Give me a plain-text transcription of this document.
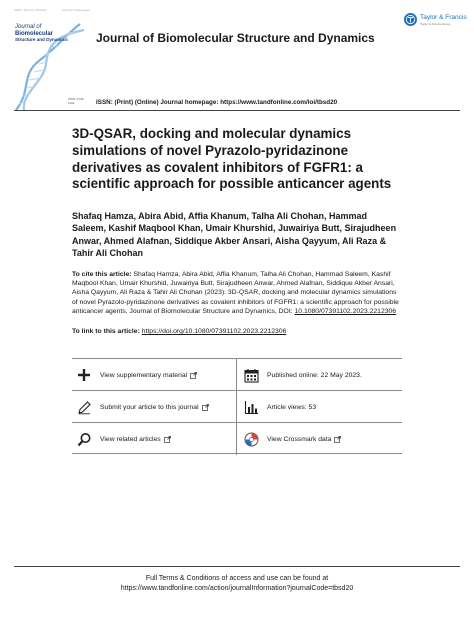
ISSN: (Print) (Online)	Journal homepage
Journal of
Biomolecular
Structure and Dynamics
ISSN: 0739-1102
Journal of Biomolecular Structure and Dynamics
Taylor & Francis
Taylor & Francis Group
ISSN: (Print) (Online) Journal homepage: https://www.tandfonline.com/loi/tbsd20
3D-QSAR, docking and molecular dynamics simulations of novel Pyrazolo-pyridazinone derivatives as covalent inhibitors of FGFR1: a scientific approach for possible anticancer agents
Shafaq Hamza, Abira Abid, Affia Khanum, Talha Ali Chohan, Hammad Saleem, Kashif Maqbool Khan, Umair Khurshid, Juwairiya Butt, Sirajudheen Anwar, Ahmed Alafnan, Siddique Akber Ansari, Aisha Qayyum, Ali Raza & Tahir Ali Chohan
To cite this article: Shafaq Hamza, Abira Abid, Affia Khanum, Talha Ali Chohan, Hammad Saleem, Kashif Maqbool Khan, Umair Khurshid, Juwairiya Butt, Sirajudheen Anwar, Ahmed Alafnan, Siddique Akber Ansari, Aisha Qayyum, Ali Raza & Tahir Ali Chohan (2023): 3D-QSAR, docking and molecular dynamics simulations of novel Pyrazolo-pyridazinone derivatives as covalent inhibitors of FGFR1: a scientific approach for possible anticancer agents, Journal of Biomolecular Structure and Dynamics, DOI: 10.1080/07391102.2023.2212306
To link to this article: https://doi.org/10.1080/07391102.2023.2212306
View supplementary material	Published online: 22 May 2023.
Submit your article to this journal	Article views: 53
View related articles	View Crossmark data
Full Terms & Conditions of access and use can be found at
https://www.tandfonline.com/action/journalInformation?journalCode=tbsd20
